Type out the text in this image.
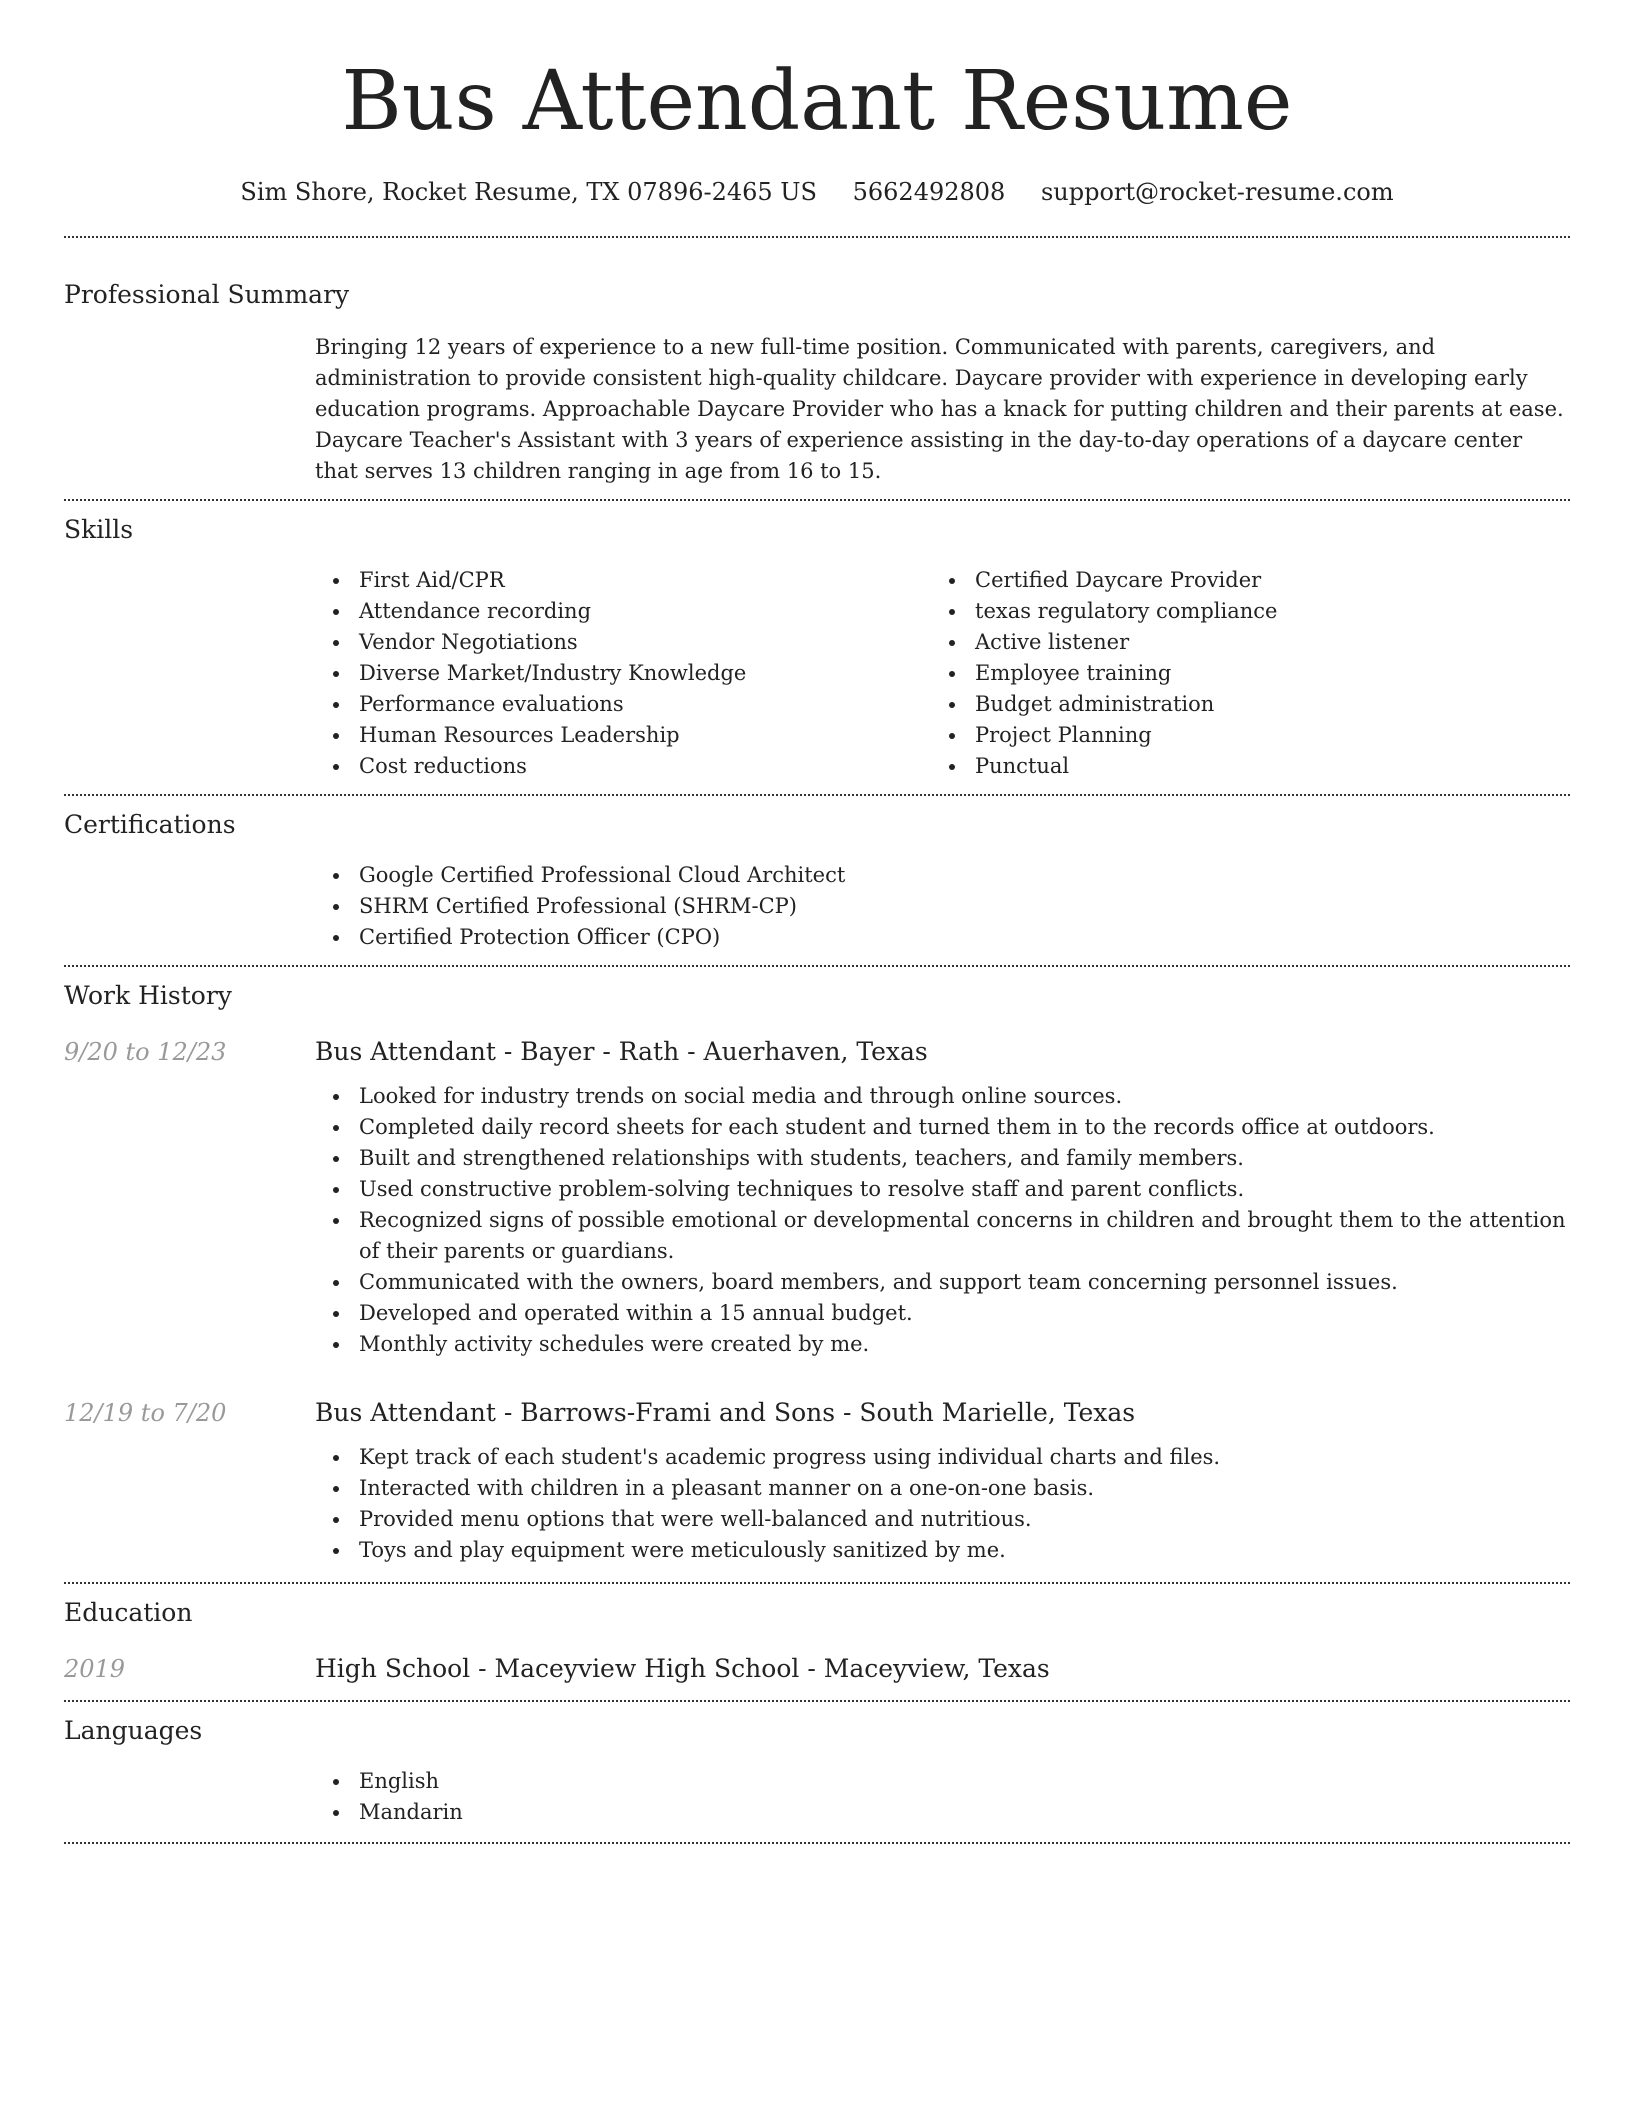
Bus Attendant Resume
Sim Shore, Rocket Resume, TX 07896-2465 US 5662492808 support@rocket-resume.com
Professional Summary
Bringing 12 years of experience to a new full-time position. Communicated with parents, caregivers, and administration to provide consistent high-quality childcare. Daycare provider with experience in developing early education programs. Approachable Daycare Provider who has a knack for putting children and their parents at ease. Daycare Teacher's Assistant with 3 years of experience assisting in the day-to-day operations of a daycare center that serves 13 children ranging in age from 16 to 15.
Skills
First Aid/CPR
Attendance recording
Vendor Negotiations
Diverse Market/Industry Knowledge
Performance evaluations
Human Resources Leadership
Cost reductions
Certified Daycare Provider
texas regulatory compliance
Active listener
Employee training
Budget administration
Project Planning
Punctual
Certifications
Google Certified Professional Cloud Architect
SHRM Certified Professional (SHRM-CP)
Certified Protection Officer (CPO)
Work History
9/20 to 12/23	Bus Attendant - Bayer - Rath - Auerhaven, Texas
Looked for industry trends on social media and through online sources.
Completed daily record sheets for each student and turned them in to the records office at outdoors.
Built and strengthened relationships with students, teachers, and family members.
Used constructive problem-solving techniques to resolve staff and parent conflicts.
Recognized signs of possible emotional or developmental concerns in children and brought them to the attention of their parents or guardians.
Communicated with the owners, board members, and support team concerning personnel issues.
Developed and operated within a 15 annual budget.
Monthly activity schedules were created by me.
12/19 to 7/20	Bus Attendant - Barrows-Frami and Sons - South Marielle, Texas
Kept track of each student's academic progress using individual charts and files.
Interacted with children in a pleasant manner on a one-on-one basis.
Provided menu options that were well-balanced and nutritious.
Toys and play equipment were meticulously sanitized by me.
Education
2019	High School - Maceyview High School - Maceyview, Texas
Languages
English
Mandarin
